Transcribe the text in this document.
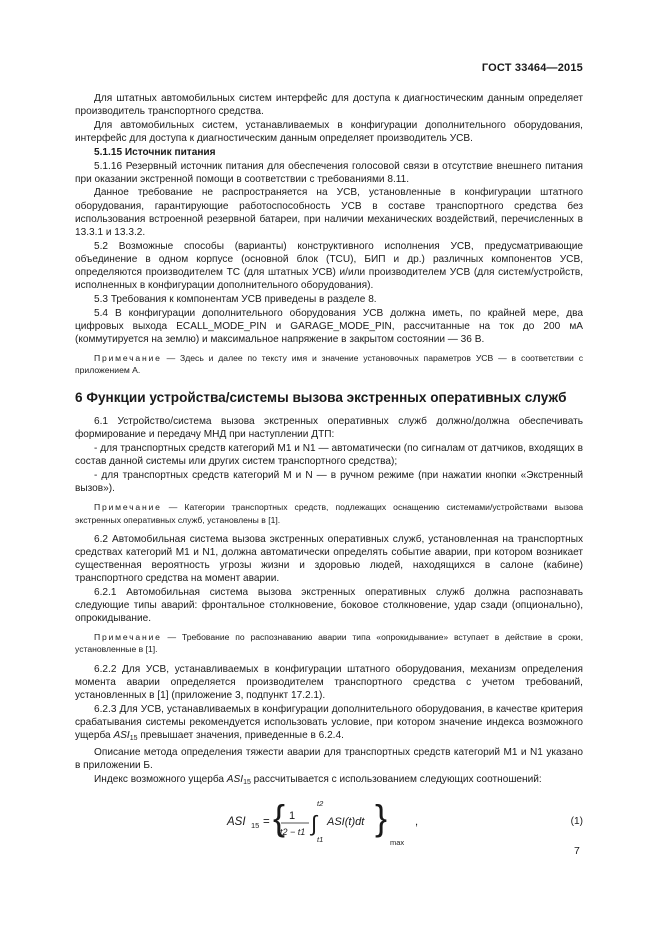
ГОСТ 33464—2015

Для штатных автомобильных систем интерфейс для доступа к диагностическим данным определяет производитель транспортного средства.

Для автомобильных систем, устанавливаемых в конфигурации дополнительного оборудования, интерфейс для доступа к диагностическим данным определяет производитель УСВ.

5.1.15 Источник питания

5.1.16 Резервный источник питания для обеспечения голосовой связи в отсутствие внешнего питания при оказании экстренной помощи в соответствии с требованиями 8.11.

Данное требование не распространяется на УСВ, установленные в конфигурации штатного оборудования, гарантирующие работоспособность УСВ в составе транспортного средства без использования встроенной резервной батареи, при наличии механических воздействий, перечисленных в 13.3.1 и 13.3.2.

5.2 Возможные способы (варианты) конструктивного исполнения УСВ, предусматривающие объединение в одном корпусе (основной блок (TCU), БИП и др.) различных компонентов УСВ, определяются производителем ТС (для штатных УСВ) и/или производителем УСВ (для систем/устройств, исполненных в конфигурации дополнительного оборудования).

5.3 Требования к компонентам УСВ приведены в разделе 8.

5.4 В конфигурации дополнительного оборудования УСВ должна иметь, по крайней мере, два цифровых выхода ECALL_MODE_PIN и GARAGE_MODE_PIN, рассчитанные на ток до 200 мА (коммутируется на землю) и максимальное напряжение в закрытом состоянии — 36 В.

Примечание — Здесь и далее по тексту имя и значение установочных параметров УСВ — в соответствии с приложением А.

6 Функции устройства/системы вызова экстренных оперативных служб

6.1 Устройство/система вызова экстренных оперативных служб должно/должна обеспечивать формирование и передачу МНД при наступлении ДТП:

- для транспортных средств категорий М1 и N1 — автоматически (по сигналам от датчиков, входящих в состав данной системы или других систем транспортного средства);

- для транспортных средств категорий М и N — в ручном режиме (при нажатии кнопки «Экстренный вызов»).

Примечание — Категории транспортных средств, подлежащих оснащению системами/устройствами вызова экстренных оперативных служб, установлены в [1].

6.2 Автомобильная система вызова экстренных оперативных служб, установленная на транспортных средствах категорий М1 и N1, должна автоматически определять событие аварии, при котором возникает существенная вероятность угрозы жизни и здоровью людей, находящихся в салоне (кабине) транспортного средства на момент аварии.

6.2.1 Автомобильная система вызова экстренных оперативных служб должна распознавать следующие типы аварий: фронтальное столкновение, боковое столкновение, удар сзади (опционально), опрокидывание.

Примечание — Требование по распознаванию аварии типа «опрокидывание» вступает в действие в сроки, установленные в [1].

6.2.2 Для УСВ, устанавливаемых в конфигурации штатного оборудования, механизм определения момента аварии определяется производителем транспортного средства с учетом требований, установленных в [1] (приложение 3, подпункт 17.2.1).

6.2.3 Для УСВ, устанавливаемых в конфигурации дополнительного оборудования, в качестве критерия срабатывания системы рекомендуется использовать условие, при котором значение индекса возможного ущерба $ASI_{15}$ превышает значения, приведенные в 6.2.4.

Описание метода определения тяжести аварии для транспортных средств категорий М1 и N1 указано в приложении Б.

Индекс возможного ущерба $ASI_{15}$ рассчитывается с использованием следующих соотношений:

ASI 15 = { 1
t2 − t1 ∫
t2
t1
ASI(t)dt }
max
,	(1)
7
